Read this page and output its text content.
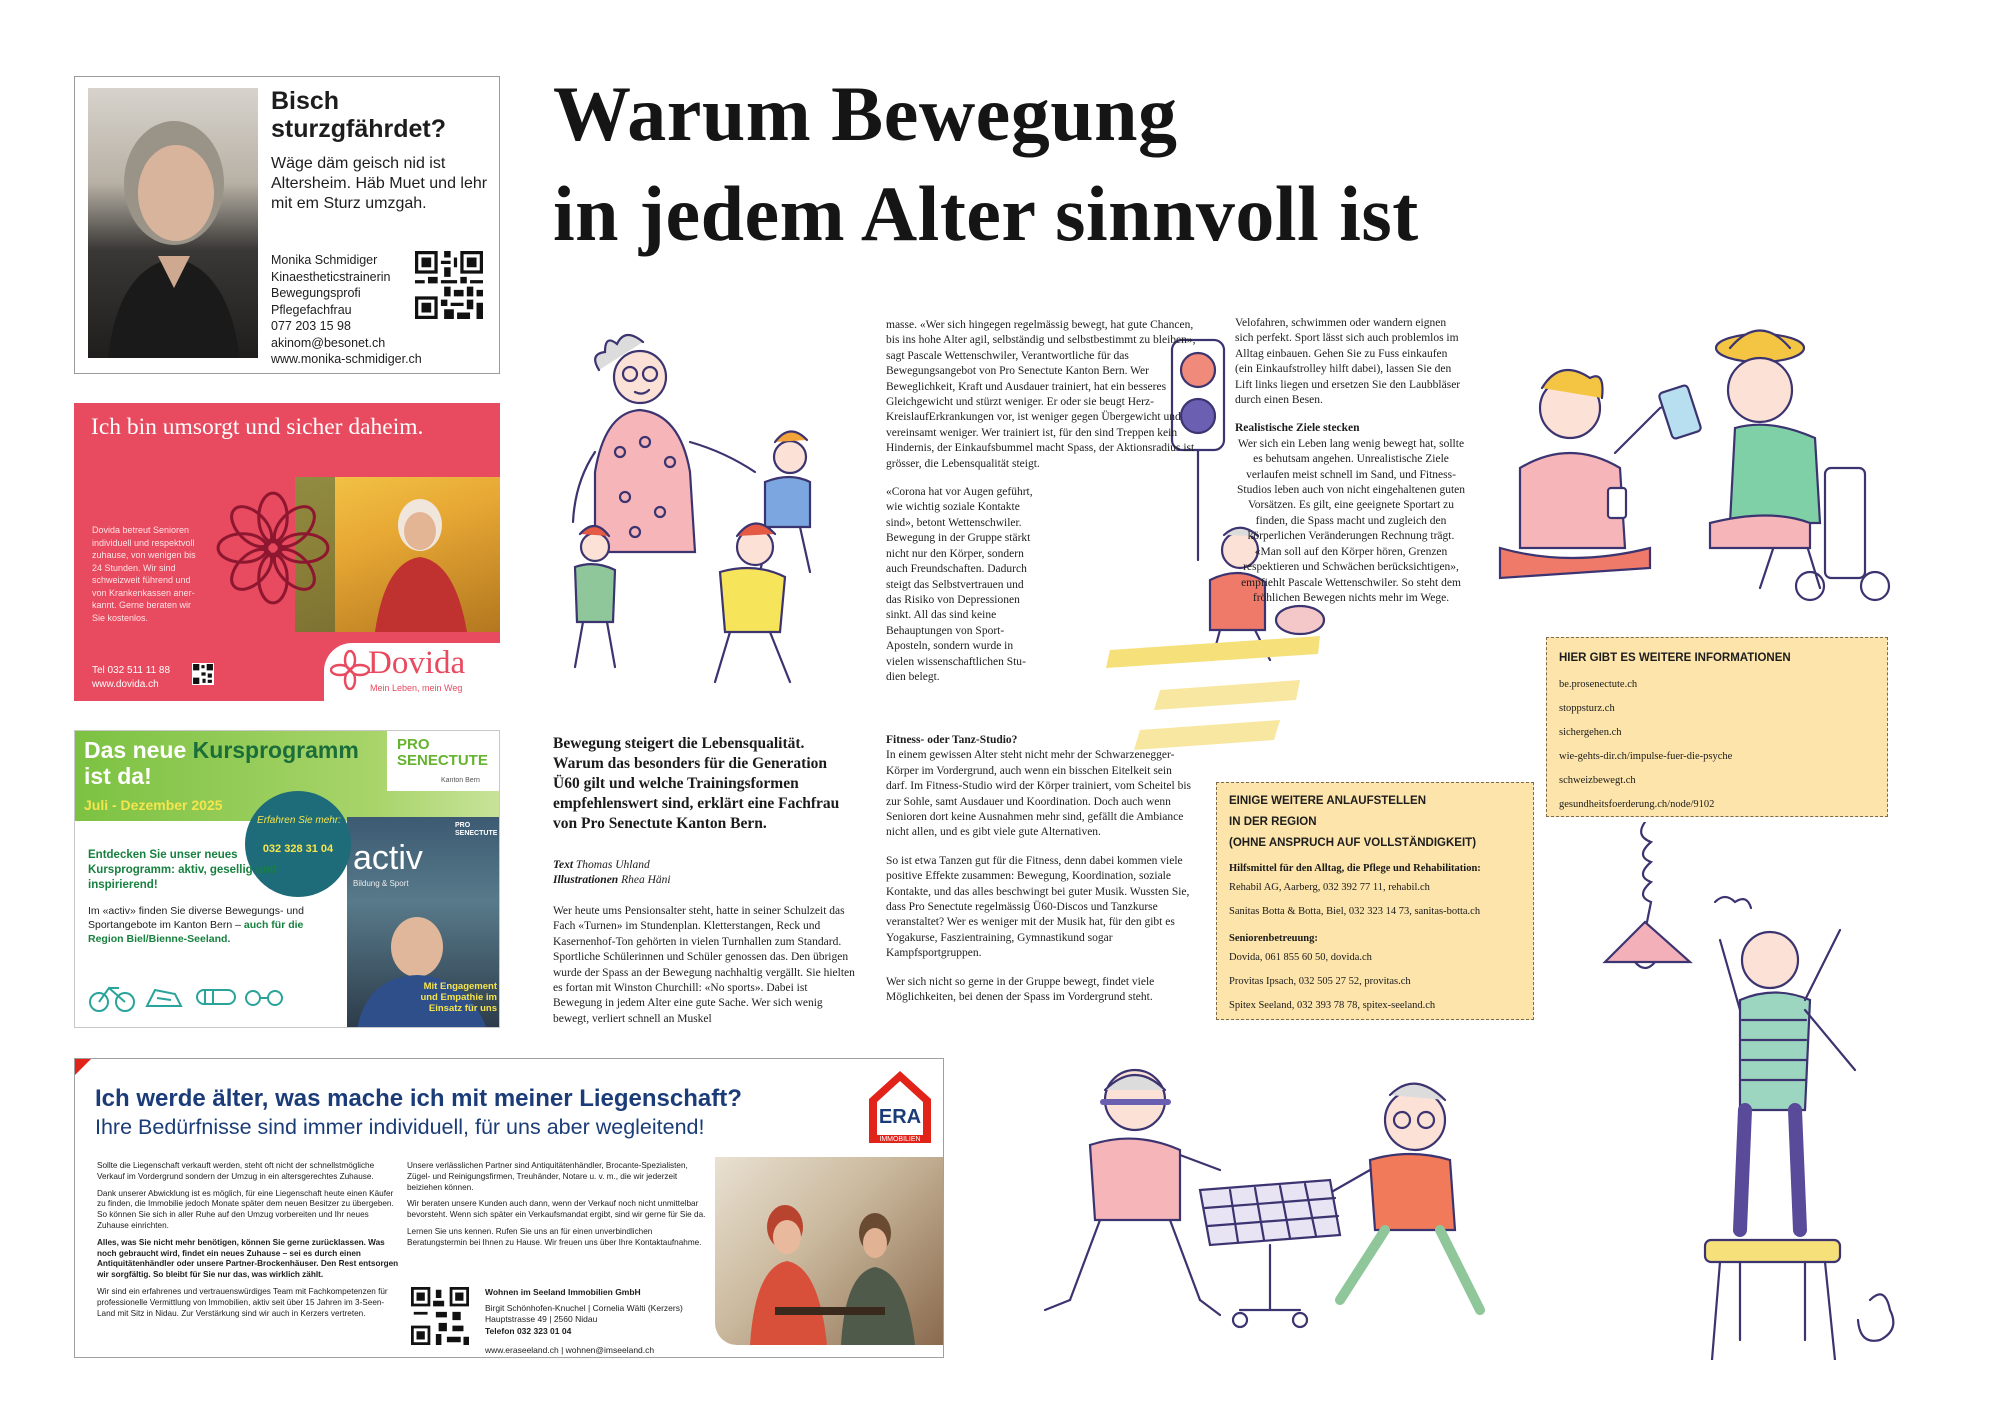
Bisch sturzgfährdet?
Wäge däm geisch nid ist Altersheim. Häb Muet und lehr mit em Sturz umzgah.
Monika Schmidiger
Kinaestheticstrainerin
Bewegungsprofi
Pflegefachfrau
077 203 15 98
akinom@besonet.ch
www.monika-schmidiger.ch
Ich bin umsorgt und sicher daheim.
Dovida betreut Senioren individuell und respektvoll zuhause, von wenigen bis 24 Stunden. Wir sind schweizweit führend und von Krankenkassen anerkannt. Gerne beraten wir Sie kostenlos.
Tel 032 511 11 88
www.dovida.ch
Dovida
Mein Leben, mein Weg
Das neue Kursprogramm ist da!
Juli - Dezember 2025
PRO SENECTUTE
Kanton Bern
activ
Bildung & Sport
PRO SENECTUTE
Mit Engagement und Empathie im Einsatz für uns
Erfahren Sie mehr:
032 328 31 04
Entdecken Sie unser neues Kursprogramm: aktiv, gesellig und inspirierend!
Im «activ» finden Sie diverse Bewegungs- und Sportangebote im Kanton Bern – auch für die Region Biel/Bienne-Seeland.
Ich werde älter, was mache ich mit meiner Liegenschaft?
Ihre Bedürfnisse sind immer individuell, für uns aber wegleitend!

Sollte die Liegenschaft verkauft werden, steht oft nicht der schnellstmögliche Verkauf im Vordergrund sondern der Umzug in ein altersgerechtes Zuhause.

Dank unserer Abwicklung ist es möglich, für eine Liegenschaft heute einen Käufer zu finden, die Immobilie jedoch Monate später dem neuen Besitzer zu übergeben. So können Sie sich in aller Ruhe auf den Umzug vorbereiten und Ihr neues Zuhause einrichten.

Alles, was Sie nicht mehr benötigen, können Sie gerne zurücklassen. Was noch gebraucht wird, findet ein neues Zuhause – sei es durch einen Antiquitätenhändler oder unsere Partner-Brockenhäuser. Den Rest entsorgen wir sorgfältig. So bleibt für Sie nur das, was wirklich zählt.

Wir sind ein erfahrenes und vertrauenswürdiges Team mit Fachkompetenzen für professionelle Vermittlung von Immobilien, aktiv seit über 15 Jahren im 3-Seen-Land mit Sitz in Nidau. Zur Verstärkung sind wir auch in Kerzers vertreten.

Unsere verlässlichen Partner sind Antiquitätenhändler, Brocante-Spezialisten, Zügel- und Reinigungsfirmen, Treuhänder, Notare u. v. m., die wir jederzeit beiziehen können.

Wir beraten unsere Kunden auch dann, wenn der Verkauf noch nicht unmittelbar bevorsteht. Wenn sich später ein Verkaufsmandat ergibt, sind wir gerne für Sie da.

Lernen Sie uns kennen. Rufen Sie uns an für einen unverbindlichen Beratungstermin bei Ihnen zu Hause. Wir freuen uns über Ihre Kontaktaufnahme.

Wohnen im Seeland Immobilien GmbH
Birgit Schönhofen-Knuchel | Cornelia Wälti (Kerzers)
Hauptstrasse 49 | 2560 Nidau
Telefon 032 323 01 04
www.eraseeland.ch | wohnen@imseeland.ch
ERA
IMMOBILIEN
Warum Bewegung
in jedem Alter sinnvoll ist
Bewegung steigert die Lebensqualität. Warum das besonders für die Generation Ü60 gilt und welche Trainingsformen empfehlenswert sind, erklärt eine Fachfrau von Pro Senectute Kanton Bern.
Text Thomas Uhland
Illustrationen Rhea Häni

Wer heute ums Pensionsalter steht, hatte in seiner Schulzeit das Fach «Turnen» im Stundenplan. Kletterstangen, Reck und Kasernenhof-Ton gehörten in vielen Turnhallen zum Standard. Sportliche Schülerinnen und Schüler genossen das. Den übrigen wurde der Spass an der Bewegung nachhaltig vergällt. Sie hielten es fortan mit Winston Churchill: «No sports». Dabei ist Bewegung in jedem Alter eine gute Sache. Wer sich wenig bewegt, verliert schnell an Muskel

masse. «Wer sich hingegen regelmässig bewegt, hat gute Chancen, bis ins hohe Alter agil, selbständig und selbstbestimmt zu bleiben», sagt Pascale Wettenschwiler, Verantwortliche für das Bewegungsangebot von Pro Senectute Kanton Bern. Wer Beweglichkeit, Kraft und Ausdauer trainiert, hat ein besseres Gleichgewicht und stürzt weniger. Er oder sie beugt Herz-KreislaufErkrankungen vor, ist weniger gegen Übergewicht und vereinsamt weniger. Wer trainiert ist, für den sind Treppen kein Hindernis, der Einkaufsbummel macht Spass, der Aktionsradius ist grösser, die Lebensqualität steigt.

«Corona hat vor Augen geführt, wie wichtig soziale Kontakte sind», betont Wettenschwiler. Bewegung in der Gruppe stärkt nicht nur den Körper, sondern auch Freundschaften. Dadurch steigt das Selbstvertrauen und das Risiko von Depressionen sinkt. All das sind keine Behauptungen von Sport-Aposteln, sondern wurde in vielen wissenschaftlichen Studien belegt.

Fitness- oder Tanz-Studio?

In einem gewissen Alter steht nicht mehr der Schwarzenegger-Körper im Vordergrund, auch wenn ein bisschen Eitelkeit sein darf. Im Fitness-Studio wird der Körper trainiert, vom Scheitel bis zur Sohle, samt Ausdauer und Koordination. Doch auch wenn Senioren dort keine Ausnahmen mehr sind, gefällt die Ambiance nicht allen, und es gibt viele gute Alternativen.

So ist etwa Tanzen gut für die Fitness, denn dabei kommen viele positive Effekte zusammen: Bewegung, Koordination, soziale Kontakte, und das alles beschwingt bei guter Musik. Wussten Sie, dass Pro Senectute regelmässig Ü60-Discos und Tanzkurse veranstaltet? Wer es weniger mit der Musik hat, für den gibt es Yogakurse, Faszientraining, Gymnastikund sogar Kampfsportgruppen.

Wer sich nicht so gerne in der Gruppe bewegt, findet viele Möglichkeiten, bei denen der Spass im Vordergrund steht.

Velofahren, schwimmen oder wandern eignen sich perfekt. Sport lässt sich auch problemlos im Alltag einbauen. Gehen Sie zu Fuss einkaufen (ein Einkaufstrolley hilft dabei), lassen Sie den Lift links liegen und ersetzen Sie den Laubbläser durch einen Besen.

Realistische Ziele stecken

Wer sich ein Leben lang wenig bewegt hat, sollte es behutsam angehen. Unrealistische Ziele verlaufen meist schnell im Sand, und Fitness-Studios leben auch von nicht eingehaltenen guten Vorsätzen. Es gilt, eine geeignete Sportart zu finden, die Spass macht und zugleich den körperlichen Veränderungen Rechnung trägt. «Man soll auf den Körper hören, Grenzen respektieren und Schwächen berücksichtigen», empfiehlt Pascale Wettenschwiler. So steht dem fröhlichen Bewegen nichts mehr im Wege.

EINIGE WEITERE ANLAUFSTELLEN
IN DER REGION
(OHNE ANSPRUCH AUF VOLLSTÄNDIGKEIT)
Hilfsmittel für den Alltag, die Pflege und Rehabilitation:
Rehabil AG, Aarberg, 032 392 77 11, rehabil.ch
Sanitas Botta & Botta, Biel, 032 323 14 73, sanitas-botta.ch
Seniorenbetreuung:
Dovida, 061 855 60 50, dovida.ch
Provitas Ipsach, 032 505 27 52, provitas.ch
Spitex Seeland, 032 393 78 78, spitex-seeland.ch
HIER GIBT ES WEITERE INFORMATIONEN
be.prosenectute.ch
stoppsturz.ch
sichergehen.ch
wie-gehts-dir.ch/impulse-fuer-die-psyche
schweizbewegt.ch
gesundheitsfoerderung.ch/node/9102
